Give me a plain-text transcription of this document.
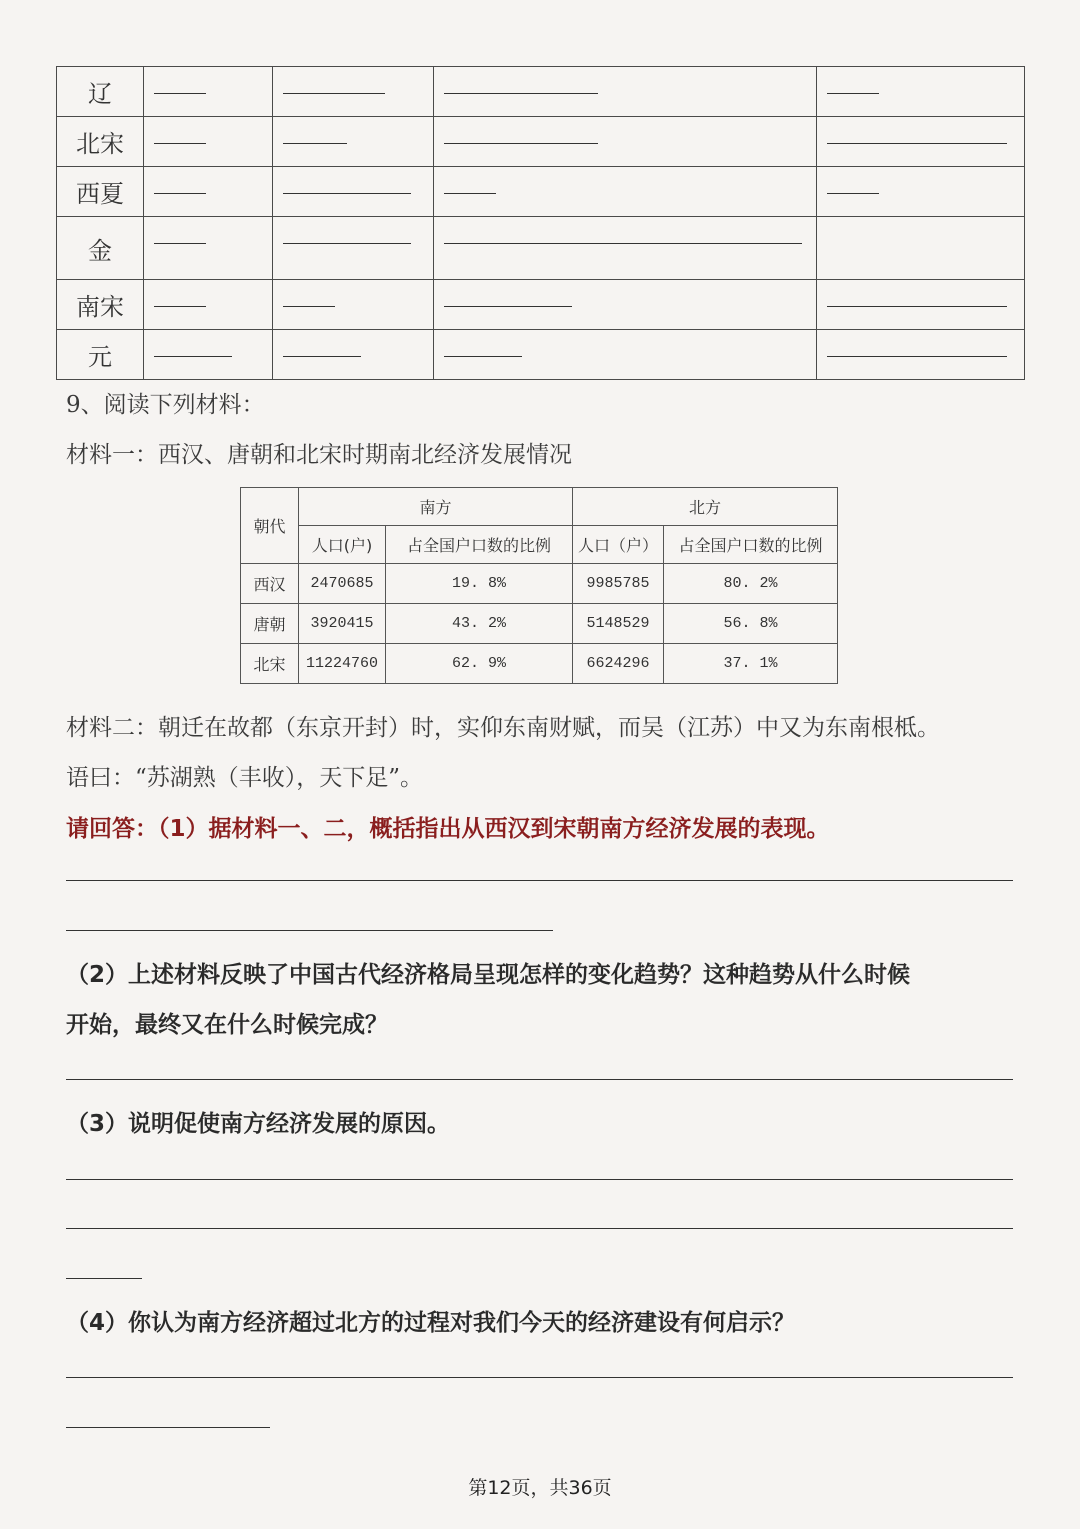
辽	

北宋	

西夏	

金	

南宋	

元	

9、阅读下列材料：
材料一：西汉、唐朝和北宋时期南北经济发展情况
朝代	南方		北方	
	人口(户)	占全国户口数的比例	人口（户）	占全国户口数的比例
西汉	2470685	19. 8%	9985785	80. 2%
唐朝	3920415	43. 2%	5148529	56. 8%
北宋	11224760	62. 9%	6624296	37. 1%
材料二：朝迁在故都（东京开封）时，实仰东南财赋，而吴（江苏）中又为东南根柢。
语曰：“苏湖熟（丰收），天下足”。
请回答：（1）据材料一、二，概括指出从西汉到宋朝南方经济发展的表现。
（2）上述材料反映了中国古代经济格局呈现怎样的变化趋势？这种趋势从什么时候
开始，最终又在什么时候完成？
（3）说明促使南方经济发展的原因。
（4）你认为南方经济超过北方的过程对我们今天的经济建设有何启示？
第12页，共36页
